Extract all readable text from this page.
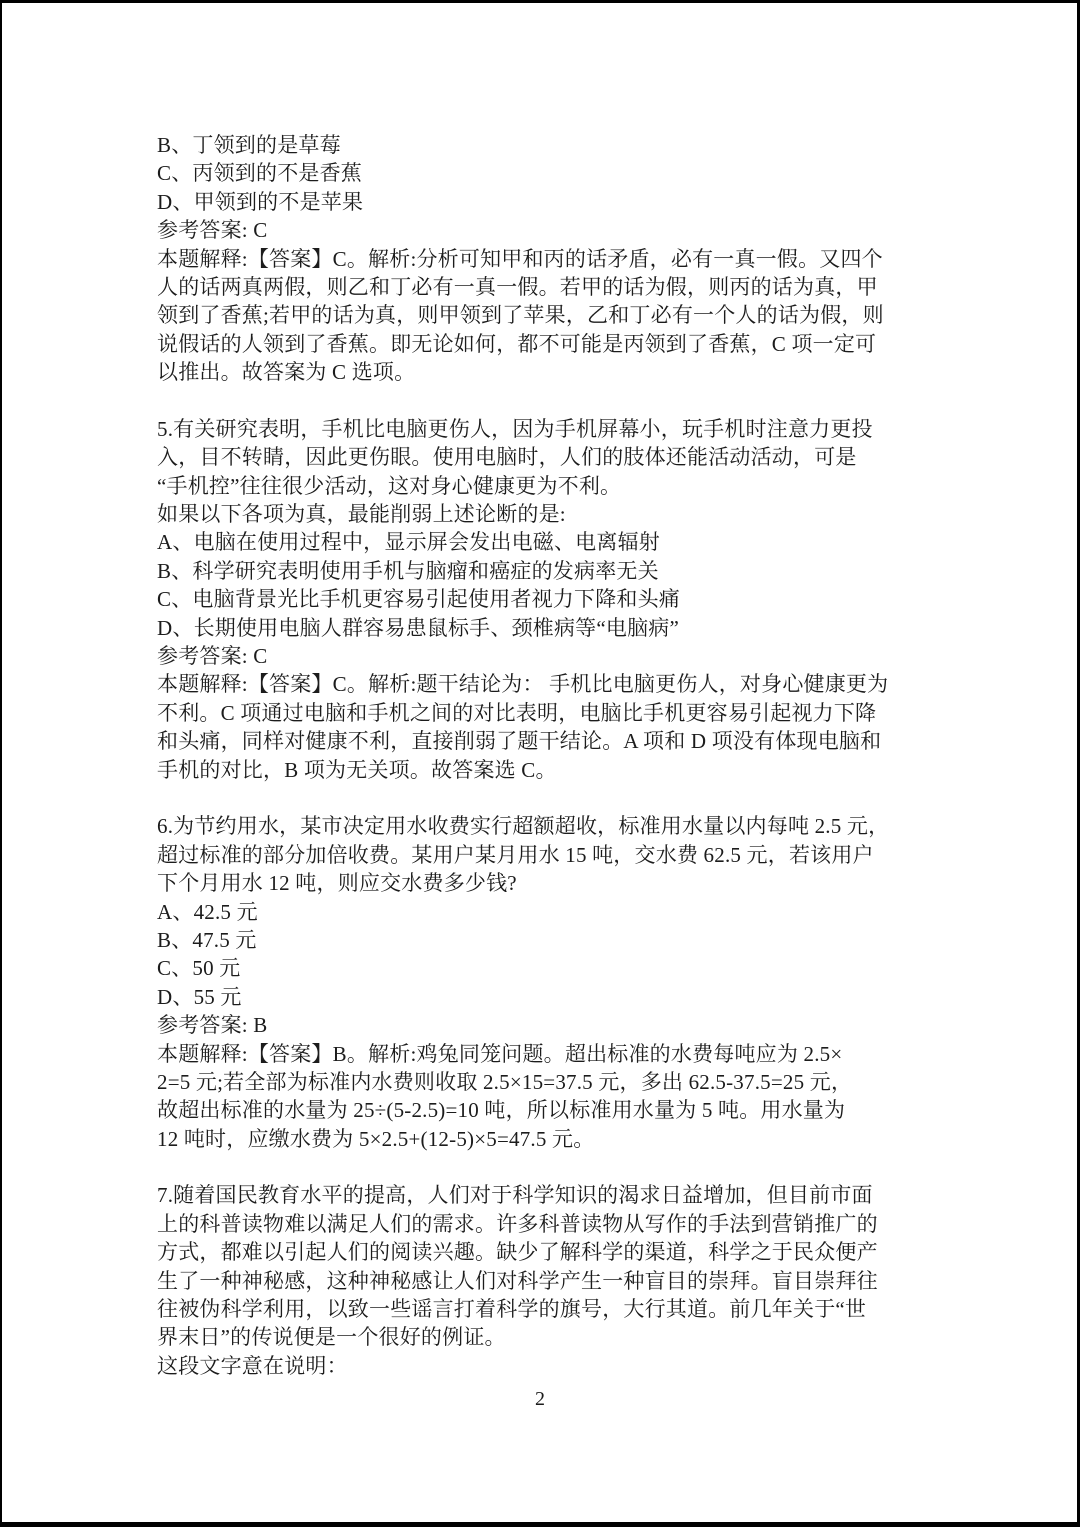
B、丁领到的是草莓
C、丙领到的不是香蕉
D、甲领到的不是苹果
参考答案: C
本题解释:【答案】C。解析:分析可知甲和丙的话矛盾，必有一真一假。又四个
人的话两真两假，则乙和丁必有一真一假。若甲的话为假，则丙的话为真，甲
领到了香蕉;若甲的话为真，则甲领到了苹果，乙和丁必有一个人的话为假，则
说假话的人领到了香蕉。即无论如何，都不可能是丙领到了香蕉，C 项一定可
以推出。故答案为 C 选项。
5.有关研究表明，手机比电脑更伤人，因为手机屏幕小，玩手机时注意力更投
入，目不转睛，因此更伤眼。使用电脑时，人们的肢体还能活动活动，可是
“手机控”往往很少活动，这对身心健康更为不利。
如果以下各项为真，最能削弱上述论断的是:
A、电脑在使用过程中，显示屏会发出电磁、电离辐射
B、科学研究表明使用手机与脑瘤和癌症的发病率无关
C、电脑背景光比手机更容易引起使用者视力下降和头痛
D、长期使用电脑人群容易患鼠标手、颈椎病等“电脑病”
参考答案: C
本题解释:【答案】C。解析:题干结论为： 手机比电脑更伤人，对身心健康更为
不利。C 项通过电脑和手机之间的对比表明，电脑比手机更容易引起视力下降
和头痛，同样对健康不利，直接削弱了题干结论。A 项和 D 项没有体现电脑和
手机的对比，B 项为无关项。故答案选 C。
6.为节约用水，某市决定用水收费实行超额超收，标准用水量以内每吨 2.5 元，
超过标准的部分加倍收费。某用户某月用水 15 吨，交水费 62.5 元，若该用户
下个月用水 12 吨，则应交水费多少钱?
A、42.5 元
B、47.5 元
C、50 元
D、55 元
参考答案: B
本题解释:【答案】B。解析:鸡兔同笼问题。超出标准的水费每吨应为 2.5×
2=5 元;若全部为标准内水费则收取 2.5×15=37.5 元，多出 62.5-37.5=25 元，
故超出标准的水量为 25÷(5-2.5)=10 吨，所以标准用水量为 5 吨。用水量为
12 吨时，应缴水费为 5×2.5+(12-5)×5=47.5 元。
7.随着国民教育水平的提高，人们对于科学知识的渴求日益增加，但目前市面
上的科普读物难以满足人们的需求。许多科普读物从写作的手法到营销推广的
方式，都难以引起人们的阅读兴趣。缺少了解科学的渠道，科学之于民众便产
生了一种神秘感，这种神秘感让人们对科学产生一种盲目的崇拜。盲目崇拜往
往被伪科学利用，以致一些谣言打着科学的旗号，大行其道。前几年关于“世
界末日”的传说便是一个很好的例证。
这段文字意在说明：
2
